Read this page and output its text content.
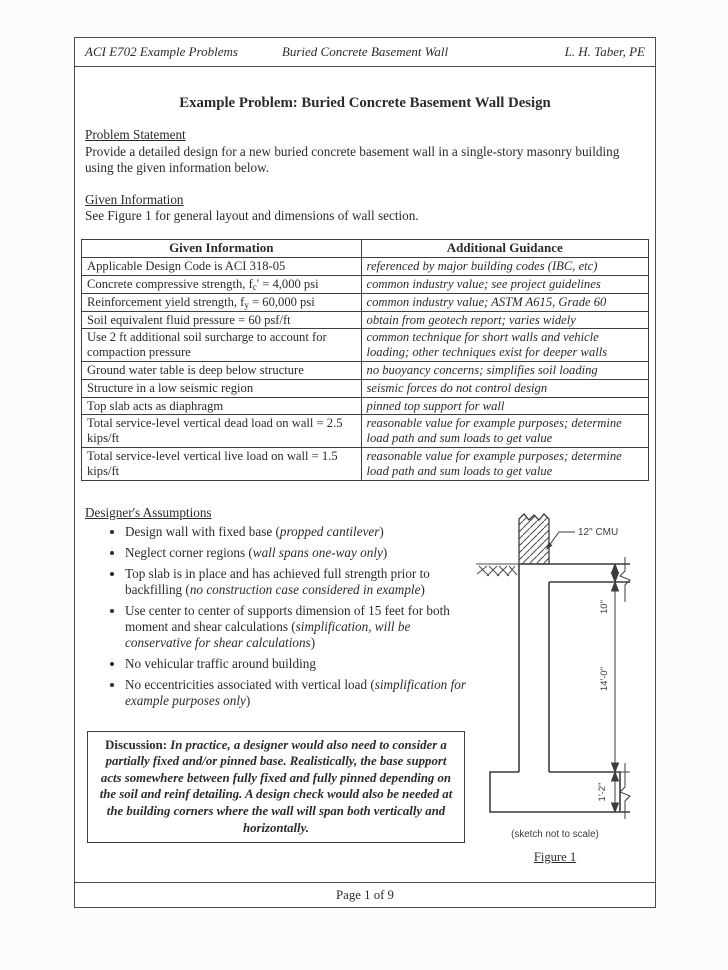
ACI E702 Example Problems	Buried Concrete Basement Wall	L. H. Taber, PE
Example Problem: Buried Concrete Basement Wall Design
Problem Statement

Provide a detailed design for a new buried concrete basement wall in a single-story masonry building using the given information below.

Given Information

See Figure 1 for general layout and dimensions of wall section.

Given Information	Additional Guidance
Applicable Design Code is ACI 318-05	referenced by major building codes (IBC, etc)
Concrete compressive strength, $f_c' = 4,000$ psi	common industry value; see project guidelines
Reinforcement yield strength, $f_y = 60,000$ psi	common industry value; ASTM A615, Grade 60
Soil equivalent fluid pressure = 60 psf/ft	obtain from geotech report; varies widely
Use 2 ft additional soil surcharge to account for compaction pressure	common technique for short walls and vehicle loading; other techniques exist for deeper walls
Ground water table is deep below structure	no buoyancy concerns; simplifies soil loading
Structure in a low seismic region	seismic forces do not control design
Top slab acts as diaphragm	pinned top support for wall
Total service-level vertical dead load on wall = 2.5 kips/ft	reasonable value for example purposes; determine load path and sum loads to get value
Total service-level vertical live load on wall = 1.5 kips/ft	reasonable value for example purposes; determine load path and sum loads to get value
Designer's Assumptions
• Design wall with fixed base (propped cantilever)
• Neglect corner regions (wall spans one-way only)
• Top slab is in place and has achieved full strength prior to backfilling (no construction case considered in example)
• Use center to center of supports dimension of 15 feet for both moment and shear calculations (simplification, will be conservative for shear calculations)
• No vehicular traffic around building
• No eccentricities associated with vertical load (simplification for example purposes only)
Discussion: In practice, a designer would also need to consider a partially fixed and/or pinned base. Realistically, the base support acts somewhere between fully fixed and fully pinned depending on the soil and reinf detailing. A design check would also be needed at the building corners where the wall will span both vertically and horizontally.
12" CMU
10"
14'-0"
1'-2"
(sketch not to scale)
Figure 1
Page 1 of 9
